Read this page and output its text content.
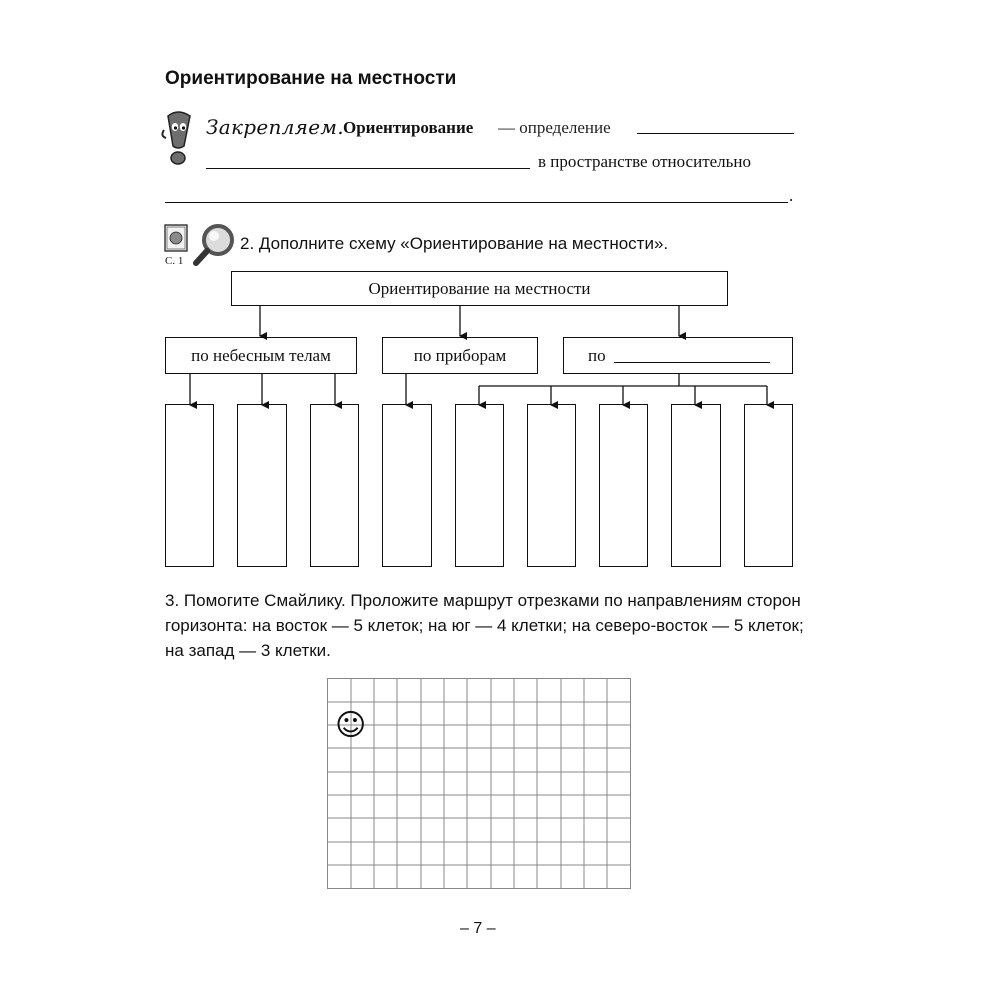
Ориентирование на местности
Закрепляем. Ориентирование — определение
в пространстве относительно
.
С. 1
2. Дополните схему «Ориентирование на местности».
Ориентирование на местности
по небесным телам	по приборам	по
3. Помогите Смайлику. Проложите маршрут отрезками по направлениям сторон горизонта: на восток — 5 клеток; на юг — 4 клетки; на северо-восток — 5 клеток; на запад — 3 клетки.
☺
– 7 –
